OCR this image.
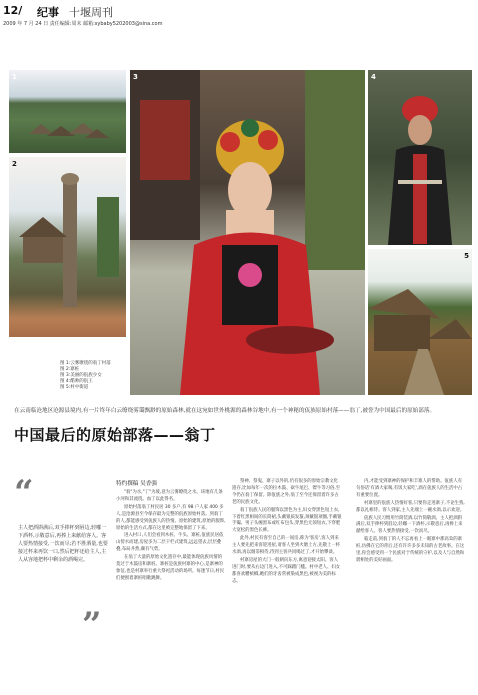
12/ 纪事 十堰周刊
2009 年 7 月 24 日 责任编辑:周末 邮箱:sybaby5202003@sina.com
1
2
3	4
5
图 1:云雾缭绕的翁丁村落
图 2:寨桩
图 3:美丽的佤族少女
图 4:酷帅的佤王
图 5:村中街道
在云南临沧地区沧源县境内,有一片终年白云缭绕雾霭飘渺的原始森林,就在这宛如世外桃源的森林谷地中,有一个神秘的佤族原始村落——翁丁,被誉为中国最后的原始部落。
中国最后的原始部落——翁丁
“
主人把酒斟满后,双手捧杯到唇边,轻嘟一下酒杯,示敬意后,再捧上来献给客人。客人要热情接受,一饮而尽;若不胜酒量,也要接过杯来再饮一口,然后把杯还给主人,主人从容地把杯中剩余的酒喝完。
”
特约撰稿 吴香强

"翁"为水,"丁"为坡,意为云雾缭绕之水。该地有几条小河和其流绕。血丁以此得名。

原始村落翁丁村民居 30 多户,有 98 户人家 400 多人,是沧源县至今保存最为完整的佤族原始村落。到翁丁的人,都能感受到佤族人的热情。原始的建筑,原始的服饰,原始的生活方式,都在这里被完整地保留了下来。

进入村口,人们会看到木桩、牛头、寨桩,佤族民居依山傍水而建,房屋多为二层干栏式建筑,远远望去,层层叠叠,布局井然,颇有气势。

在翁丁大量的原始文化遗存中,最能体现佤族风情的莫过于木鼓房和寨桩。寨桩是佤族村寨的中心,是寨神的象征,也是村寨举行重大祭祀活动的场所。每逢节日,村民们便围着寨桩唱歌跳舞。

祭神、祭鬼、寨子以外的,仍有很多的原始宗教文化遗存,比如每年一次的拉木鼓、砍牛尾巴、镖牛等习俗,至今仍在翁丁保留。除佤族之外,翁丁至今还保留着许多古老的民族文化。

翁丁佤族人民的服饰以黑色为主,妇女穿黑色短上衣,下着红黑相间的长筒裙,头戴银质发箍,颈戴银项圈,手戴银手镯。男子头缠黑布或红布包头,穿黑色无领短衣,下穿肥大宽松的黑色长裤。

此外,村民有客至自己的一间房,称为'客房',客人到来主人要先把来客迎进屋,请客人坐到火塘上方,先敬上一杯水酒,再以烟茶相待,待到主客共同喝过了,才开始攀谈。

村寨房屋的大门一般朝向东方,寓意迎接太阳。客人进门时,要从右边门进入,不可踩踏门槛。村中老人、妇女都喜欢嚼槟榔,她们的牙齿常被染成黑色,被视为美的标志。

内,才能受到寨神的保护和丰寨人的帮助。佤族人有句俗话'有酒大家喝,有饭大家吃',酒在佤族人的生活中占有重要位置。

村寨里的佤族人热情好客,只要你走进寨子,不论生熟,都以礼相待。客人到家,主人先端上一碗水酒,以示欢迎。

佤族人民习惯用竹筒装酒,以竹筒敬酒。主人把酒斟满后,双手捧杯到唇边,轻嘟一下酒杯,示敬意后,再捧上来献给客人。客人要热情接受,一饮而尽。

临走前,到翁丁的人不忘再看上一眼寨中那高耸的寨桩,仿佛在它的背后,还有许许多多未知的古老故事。在这里,你会感受到一个民族对于传统的守护,以及人与自然和谐相处的美好画面。
